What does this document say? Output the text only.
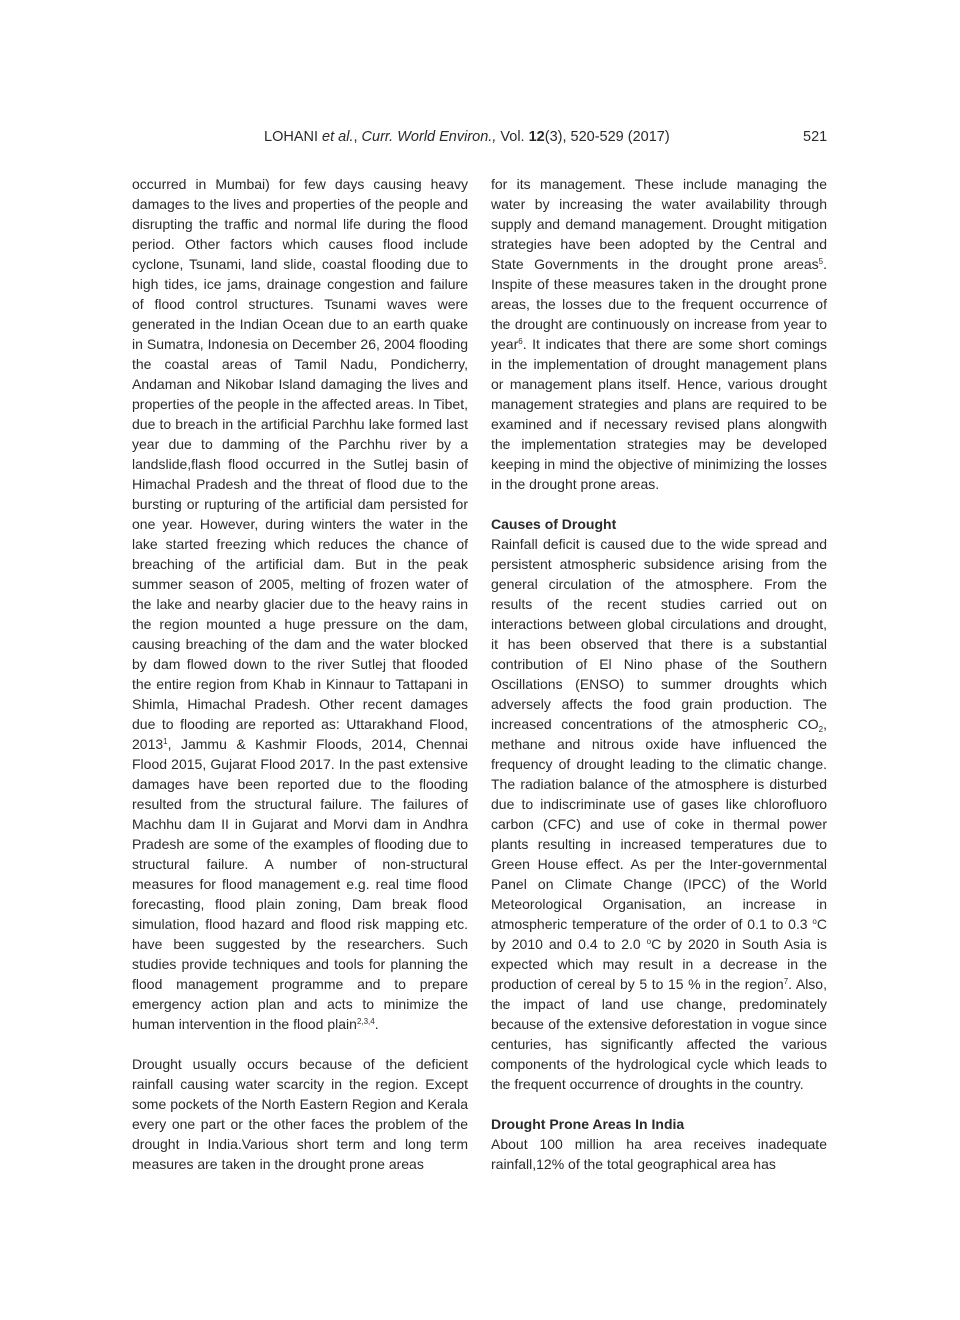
LOHANI et al., Curr. World Environ., Vol. 12(3), 520-529 (2017)	521

occurred in Mumbai) for few days causing heavy damages to the lives and properties of the people and disrupting the traffic and normal life during the flood period. Other factors which causes flood include cyclone, Tsunami, land slide, coastal flooding due to high tides, ice jams, drainage congestion and failure of flood control structures. Tsunami waves were generated in the Indian Ocean due to an earth quake in Sumatra, Indonesia on December 26, 2004 flooding the coastal areas of Tamil Nadu, Pondicherry, Andaman and Nikobar Island damaging the lives and properties of the people in the affected areas. In Tibet, due to breach in the artificial Parchhu lake formed last year due to damming of the Parchhu river by a landslide,flash flood occurred in the Sutlej basin of Himachal Pradesh and the threat of flood due to the bursting or rupturing of the artificial dam persisted for one year. However, during winters the water in the lake started freezing which reduces the chance of breaching of the artificial dam. But in the peak summer season of 2005, melting of frozen water of the lake and nearby glacier due to the heavy rains in the region mounted a huge pressure on the dam, causing breaching of the dam and the water blocked by dam flowed down to the river Sutlej that flooded the entire region from Khab in Kinnaur to Tattapani in Shimla, Himachal Pradesh. Other recent damages due to flooding are reported as: Uttarakhand Flood, 2013$^1$, Jammu & Kashmir Floods, 2014, Chennai Flood 2015, Gujarat Flood 2017. In the past extensive damages have been reported due to the flooding resulted from the structural failure. The failures of Machhu dam II in Gujarat and Morvi dam in Andhra Pradesh are some of the examples of flooding due to structural failure. A number of non-structural measures for flood management e.g. real time flood forecasting, flood plain zoning, Dam break flood simulation, flood hazard and flood risk mapping etc. have been suggested by the researchers. Such studies provide techniques and tools for planning the flood management programme and to prepare emergency action plan and acts to minimize the human intervention in the flood plain$^{2,3,4}$.

Drought usually occurs because of the deficient rainfall causing water scarcity in the region. Except some pockets of the North Eastern Region and Kerala every one part or the other faces the problem of the drought in India.Various short term and long term measures are taken in the drought prone areas

for its management. These include managing the water by increasing the water availability through supply and demand management. Drought mitigation strategies have been adopted by the Central and State Governments in the drought prone areas$^5$. Inspite of these measures taken in the drought prone areas, the losses due to the frequent occurrence of the drought are continuously on increase from year to year$^6$. It indicates that there are some short comings in the implementation of drought management plans or management plans itself. Hence, various drought management strategies and plans are required to be examined and if necessary revised plans alongwith the implementation strategies may be developed keeping in mind the objective of minimizing the losses in the drought prone areas.

Causes of Drought

Rainfall deficit is caused due to the wide spread and persistent atmospheric subsidence arising from the general circulation of the atmosphere. From the results of the recent studies carried out on interactions between global circulations and drought, it has been observed that there is a substantial contribution of El Nino phase of the Southern Oscillations (ENSO) to summer droughts which adversely affects the food grain production. The increased concentrations of the atmospheric $CO_2$, methane and nitrous oxide have influenced the frequency of drought leading to the climatic change. The radiation balance of the atmosphere is disturbed due to indiscriminate use of gases like chlorofluoro carbon (CFC) and use of coke in thermal power plants resulting in increased temperatures due to Green House effect. As per the Inter-governmental Panel on Climate Change (IPCC) of the World Meteorological Organisation, an increase in atmospheric temperature of the order of 0.1 to 0.3 $^o$C by 2010 and 0.4 to 2.0 $^o$C by 2020 in South Asia is expected which may result in a decrease in the production of cereal by 5 to 15 % in the region$^7$. Also, the impact of land use change, predominately because of the extensive deforestation in vogue since centuries, has significantly affected the various components of the hydrological cycle which leads to the frequent occurrence of droughts in the country.

Drought Prone Areas In India

About 100 million ha area receives inadequate rainfall,12% of the total geographical area has
